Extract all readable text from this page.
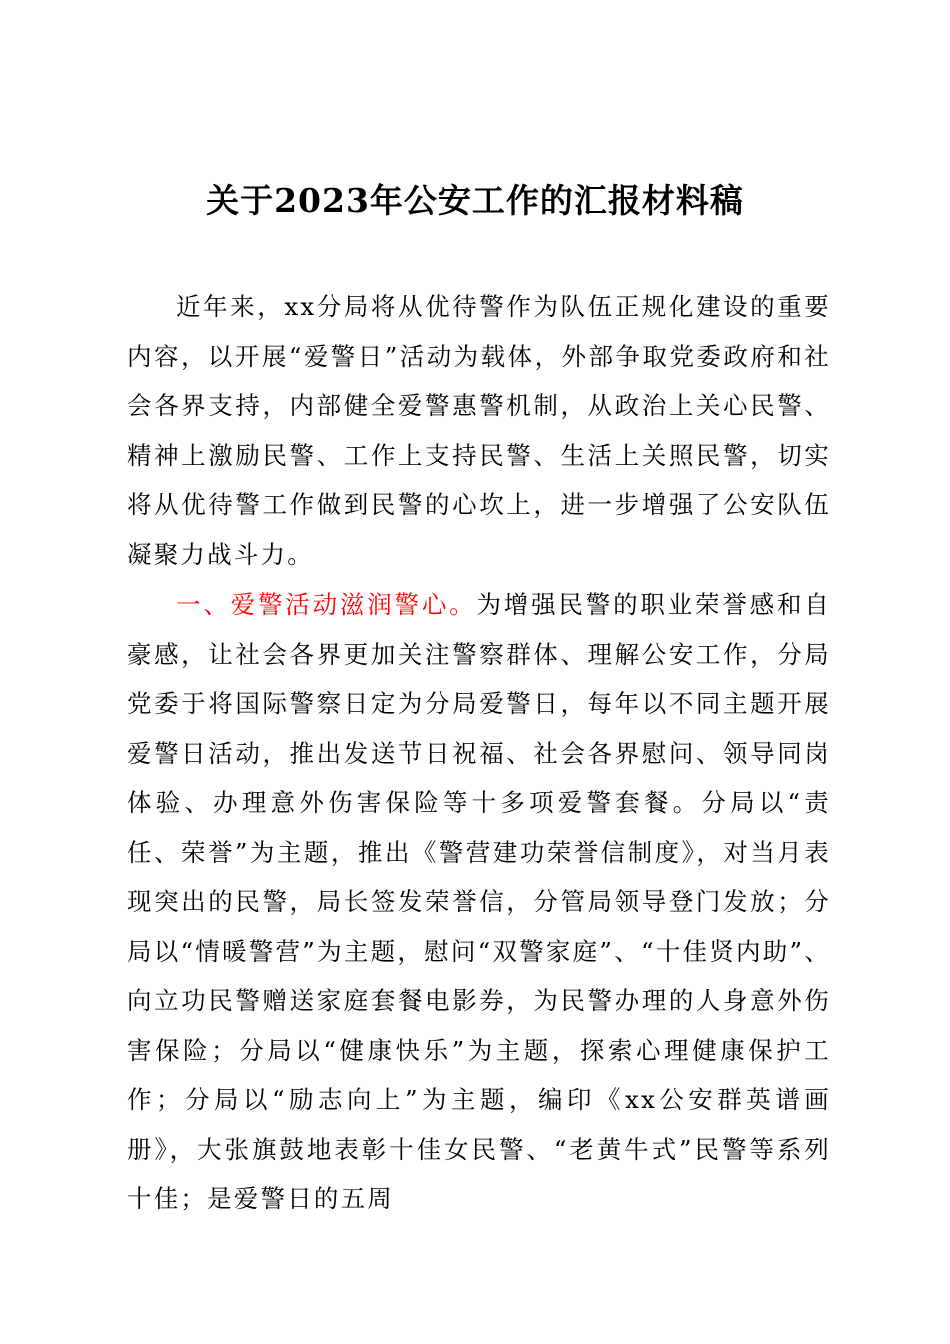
关于2023年公安工作的汇报材料稿

近年来，xx分局将从优待警作为队伍正规化建设的重要内容，以开展“爱警日”活动为载体，外部争取党委政府和社会各界支持，内部健全爱警惠警机制，从政治上关心民警、精神上激励民警、工作上支持民警、生活上关照民警，切实将从优待警工作做到民警的心坎上，进一步增强了公安队伍凝聚力战斗力。

一、爱警活动滋润警心。为增强民警的职业荣誉感和自豪感，让社会各界更加关注警察群体、理解公安工作，分局党委于将国际警察日定为分局爱警日，每年以不同主题开展爱警日活动，推出发送节日祝福、社会各界慰问、领导同岗体验、办理意外伤害保险等十多项爱警套餐。分局以“责任、荣誉”为主题，推出《警营建功荣誉信制度》，对当月表现突出的民警，局长签发荣誉信，分管局领导登门发放；分局以“情暖警营”为主题，慰问“双警家庭”、“十佳贤内助”、向立功民警赠送家庭套餐电影券，为民警办理的人身意外伤害保险；分局以“健康快乐”为主题，探索心理健康保护工作；分局以“励志向上”为主题，编印《xx公安群英谱画册》，大张旗鼓地表彰十佳女民警、“老黄牛式”民警等系列十佳；是爱警日的五周
